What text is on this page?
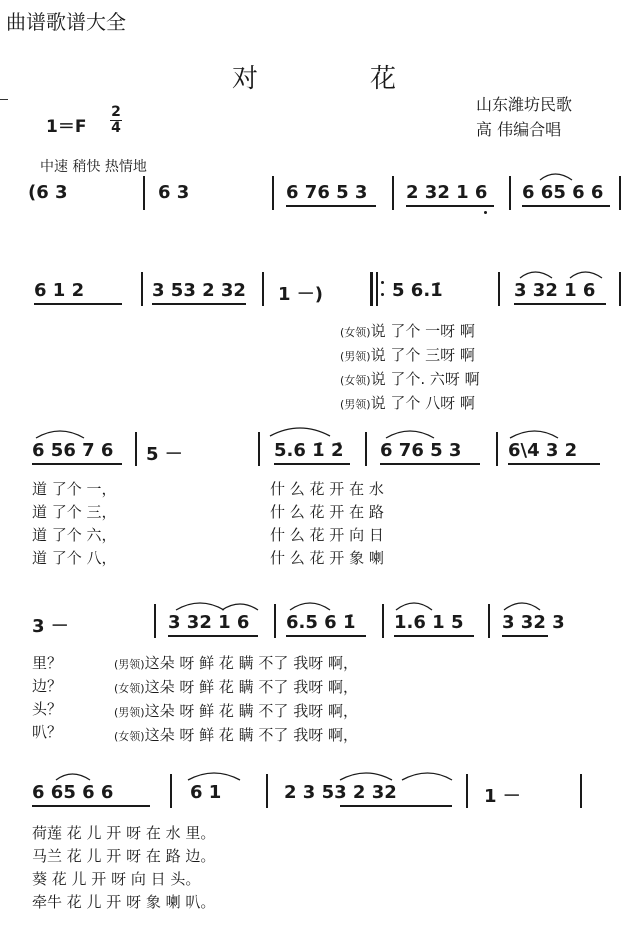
曲谱歌谱大全
对	花
山东潍坊民歌
高 伟编合唱
1＝F
2
4
中速 稍快 热情地
(6 3	6 3	6 76 5 3 2 32 1 6 6 65 6 6
6 1 2	3 53 2 32 1 －)	5 6.1̇	3 32 1 6
(女领)说 了个 一呀 啊
(男领)说 了个 三呀 啊
(女领)说 了个. 六呀 啊
(男领)说 了个 八呀 啊
6 56 7 6 5 －	5.6 1̇ 2̇ 6 76 5 3	6\4 3 2
道 了个 一，
道 了个 三，
道 了个 六，
道 了个 八，
什 么 花 开 在 水
什 么 花 开 在 路
什 么 花 开 向 日
什 么 花 开 象 喇
3 －	3 32 1 6 6.5 6 1̇ 1.6 1 5 3 32 3
里？
边？
头？
叭？
(男领)这朵 呀 鲜 花 瞒 不了 我呀 啊，
(女领)这朵 呀 鲜 花 瞒 不了 我呀 啊，
(男领)这朵 呀 鲜 花 瞒 不了 我呀 啊，
(女领)这朵 呀 鲜 花 瞒 不了 我呀 啊，
6 65 6 6	6 1	2 3 53 2 32	1 －
荷莲 花 儿 开 呀 在 水 里。
马兰 花 儿 开 呀 在 路 边。
葵 花 儿 开 呀 向 日 头。
牵牛 花 儿 开 呀 象 喇 叭。
